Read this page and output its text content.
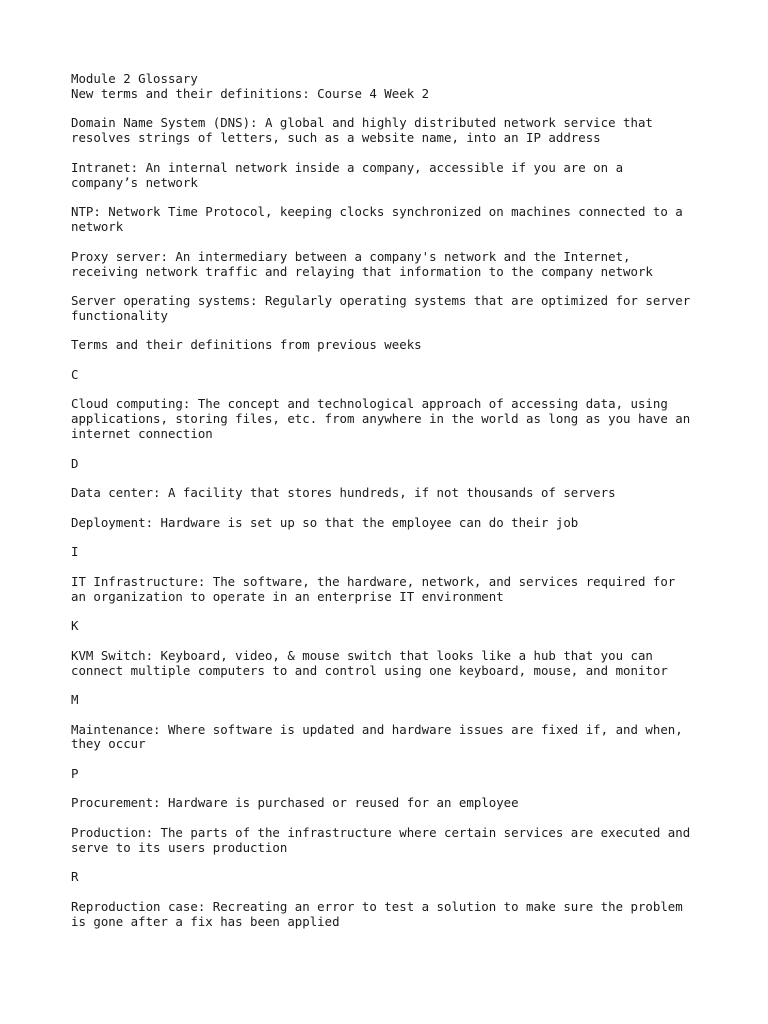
Module 2 Glossary
New terms and their definitions: Course 4 Week 2
Domain Name System (DNS): A global and highly distributed network service that
resolves strings of letters, such as a website name, into an IP address
Intranet: An internal network inside a company, accessible if you are on a
company’s network
NTP: Network Time Protocol, keeping clocks synchronized on machines connected to a
network
Proxy server: An intermediary between a company's network and the Internet,
receiving network traffic and relaying that information to the company network
Server operating systems: Regularly operating systems that are optimized for server
functionality
Terms and their definitions from previous weeks
C
Cloud computing: The concept and technological approach of accessing data, using
applications, storing files, etc. from anywhere in the world as long as you have an
internet connection
D
Data center: A facility that stores hundreds, if not thousands of servers
Deployment: Hardware is set up so that the employee can do their job
I
IT Infrastructure: The software, the hardware, network, and services required for
an organization to operate in an enterprise IT environment
K
KVM Switch: Keyboard, video, & mouse switch that looks like a hub that you can
connect multiple computers to and control using one keyboard, mouse, and monitor
M
Maintenance: Where software is updated and hardware issues are fixed if, and when,
they occur
P
Procurement: Hardware is purchased or reused for an employee
Production: The parts of the infrastructure where certain services are executed and
serve to its users production
R
Reproduction case: Recreating an error to test a solution to make sure the problem
is gone after a fix has been applied
